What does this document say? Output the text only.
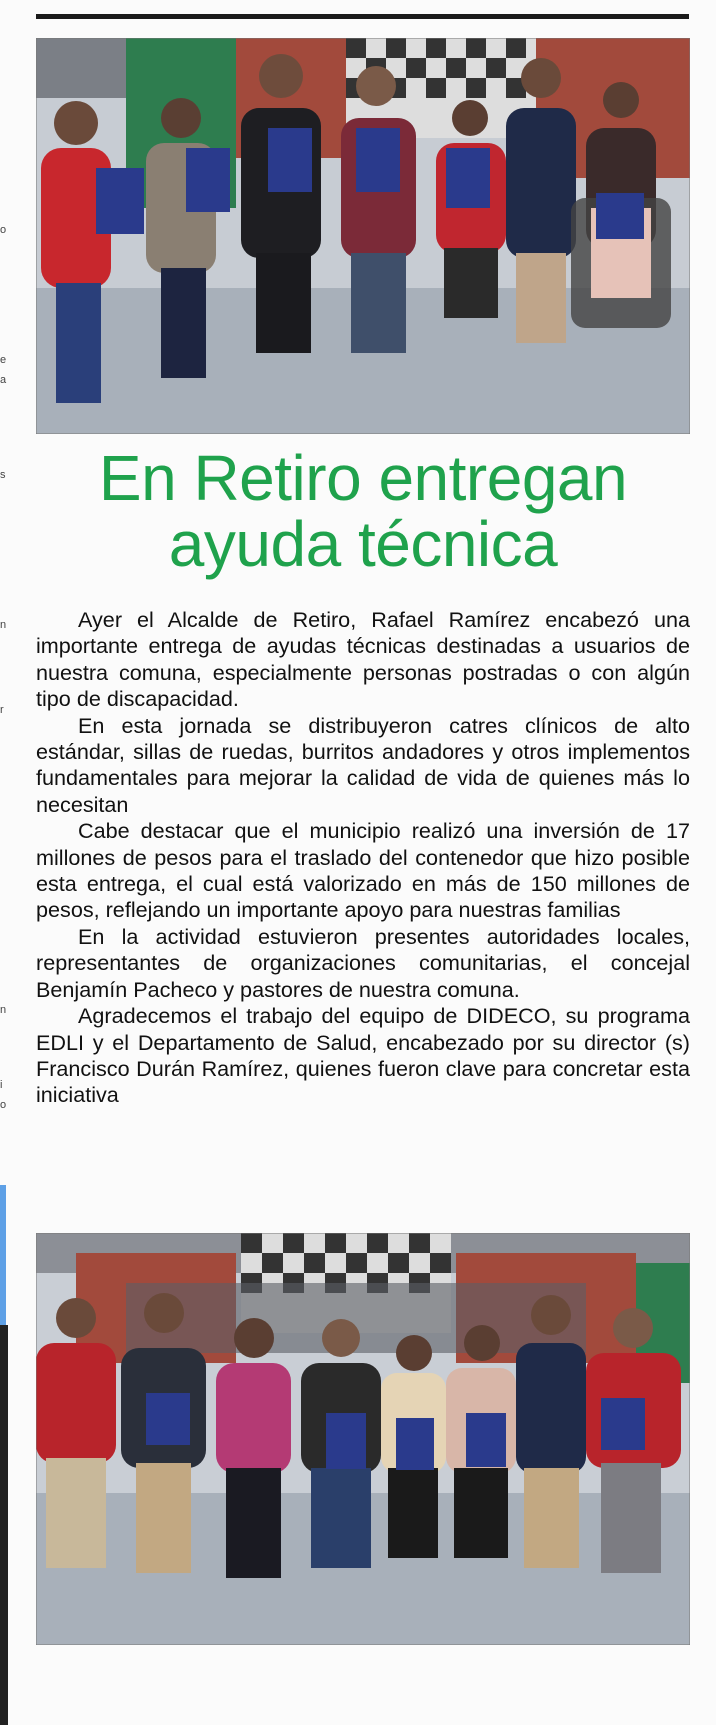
o
e
a
s
n
r
n
i
o
En Retiro entregan
ayuda técnica

Ayer el Alcalde de Retiro, Rafael Ramírez encabezó una importante entrega de ayudas técnicas destinadas a usuarios de nuestra comuna, especialmente personas postradas o con algún tipo de discapacidad.

En esta jornada se distribuyeron catres clínicos de alto estándar, sillas de ruedas, burritos andadores y otros implementos fundamentales para mejorar la calidad de vida de quienes más lo necesitan

Cabe destacar que el municipio realizó una inversión de 17 millones de pesos para el traslado del contenedor que hizo posible esta entrega, el cual está valorizado en más de 150 millones de pesos, reflejando un importante apoyo para nuestras familias

En la actividad estuvieron presentes autoridades locales, representantes de organizaciones comunitarias, el concejal Benjamín Pacheco y pastores de nuestra comuna.

Agradecemos el trabajo del equipo de DIDECO, su programa EDLI y el Departamento de Salud, encabezado por su director (s) Francisco Durán Ramírez, quienes fueron clave para concretar esta iniciativa
